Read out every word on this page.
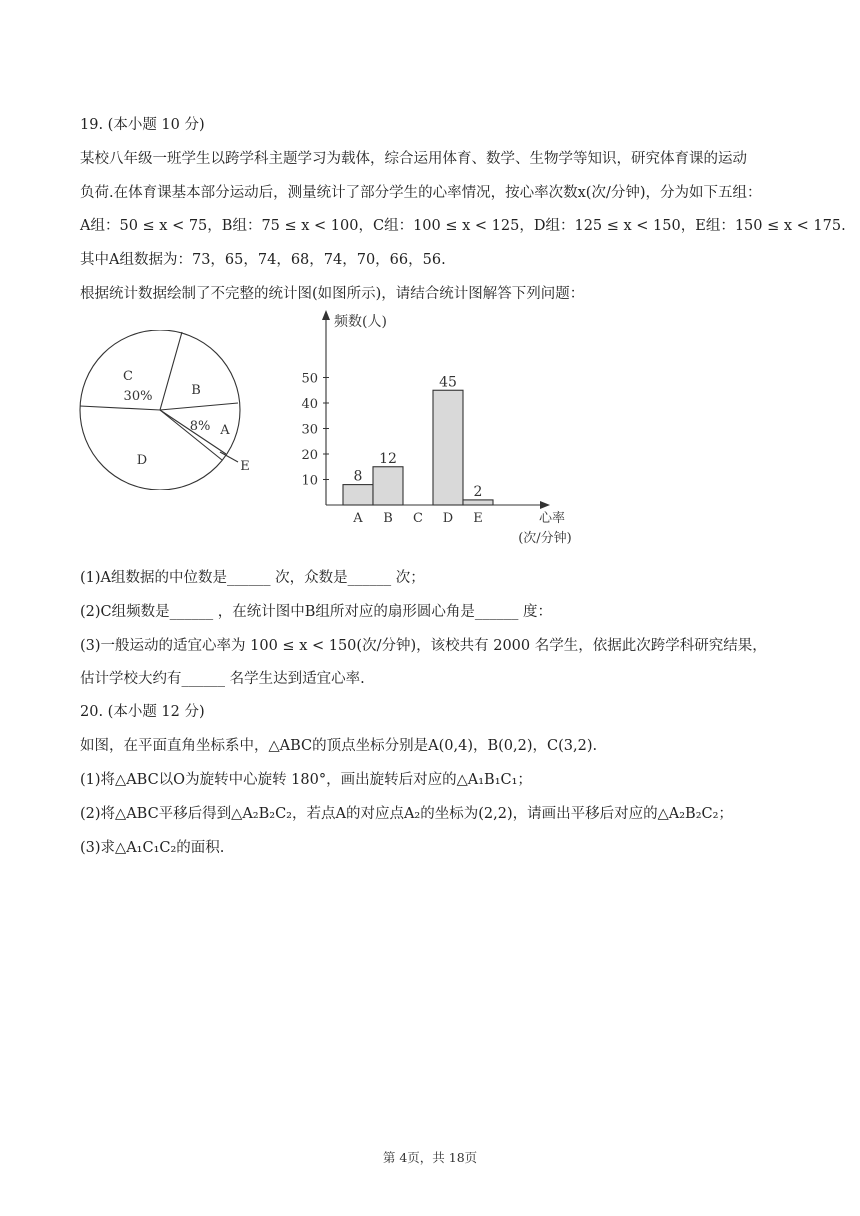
19. (本小题 10 分)
某校八年级一班学生以跨学科主题学习为载体，综合运用体育、数学、生物学等知识，研究体育课的运动
负荷.在体育课基本部分运动后，测量统计了部分学生的心率情况，按心率次数x(次/分钟)，分为如下五组：
A组：50 ≤ x < 75，B组：75 ≤ x < 100，C组：100 ≤ x < 125，D组：125 ≤ x < 150，E组：150 ≤ x < 175.
其中A组数据为：73，65，74，68，74，70，66，56.
根据统计数据绘制了不完整的统计图(如图所示)，请结合统计图解答下列问题：
C
30%	B
8% A
D	E
频数(人)
心率
(次/分钟)
10
20
30
40
50
8
A
12
B C
45
D
2
E
(1)A组数据的中位数是______ 次，众数是______ 次；
(2)C组频数是______ ，在统计图中B组所对应的扇形圆心角是______ 度：
(3)一般运动的适宜心率为 100 ≤ x < 150(次/分钟)，该校共有 2000 名学生，依据此次跨学科研究结果，
估计学校大约有______ 名学生达到适宜心率.
20. (本小题 12 分)
如图，在平面直角坐标系中，△ABC的顶点坐标分别是A(0,4)，B(0,2)，C(3,2).
(1)将△ABC以O为旋转中心旋转 180°，画出旋转后对应的△A₁B₁C₁；
(2)将△ABC平移后得到△A₂B₂C₂，若点A的对应点A₂的坐标为(2,2)，请画出平移后对应的△A₂B₂C₂；
(3)求△A₁C₁C₂的面积.
第 4页，共 18页
